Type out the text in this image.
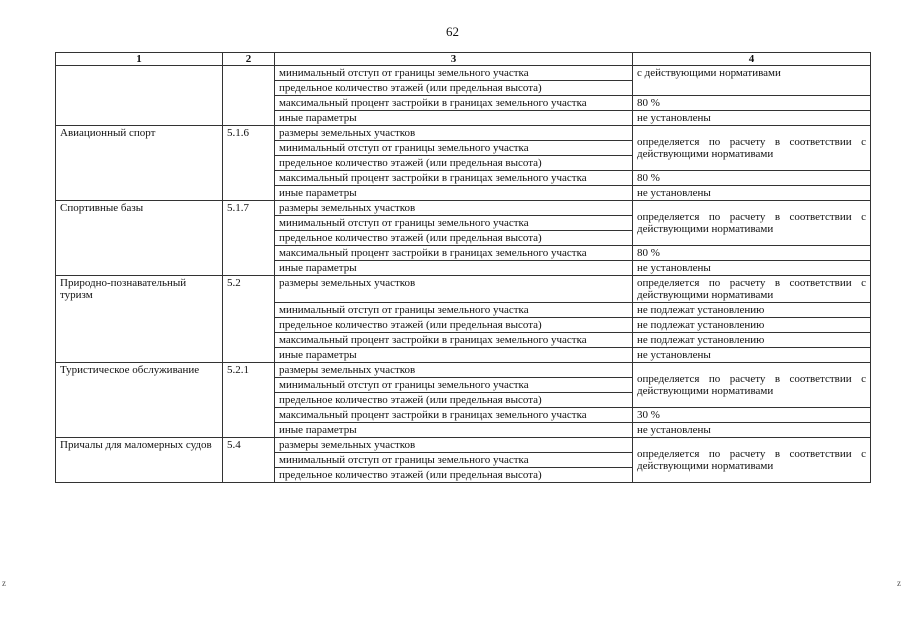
62
1	2	3	4
		минимальный отступ от границы земельного участка	с действующими нормативами
		предельное количество этажей (или предельная высота)	
		максимальный процент застройки в границах земельного участка	80 %
		иные параметры	не установлены
Авиационный спорт	5.1.6	размеры земельных участков	определяется по расчету в соответствии с действующими нормативами
		минимальный отступ от границы земельного участка	
		предельное количество этажей (или предельная высота)	
		максимальный процент застройки в границах земельного участка	80 %
		иные параметры	не установлены
Спортивные базы	5.1.7	размеры земельных участков	определяется по расчету в соответствии с действующими нормативами
		минимальный отступ от границы земельного участка	
		предельное количество этажей (или предельная высота)	
		максимальный процент застройки в границах земельного участка	80 %
		иные параметры	не установлены
Природно-познавательный туризм	5.2	размеры земельных участков	определяется по расчету в соответствии с действующими нормативами
		минимальный отступ от границы земельного участка	не подлежат установлению
		предельное количество этажей (или предельная высота)	не подлежат установлению
		максимальный процент застройки в границах земельного участка	не подлежат установлению
		иные параметры	не установлены
Туристическое обслуживание	5.2.1	размеры земельных участков	определяется по расчету в соответствии с действующими нормативами
		минимальный отступ от границы земельного участка	
		предельное количество этажей (или предельная высота)	
		максимальный процент застройки в границах земельного участка	30 %
		иные параметры	не установлены
Причалы для маломерных судов	5.4	размеры земельных участков	определяется по расчету в соответствии с действующими нормативами
		минимальный отступ от границы земельного участка	
		предельное количество этажей (или предельная высота)	
z	z
